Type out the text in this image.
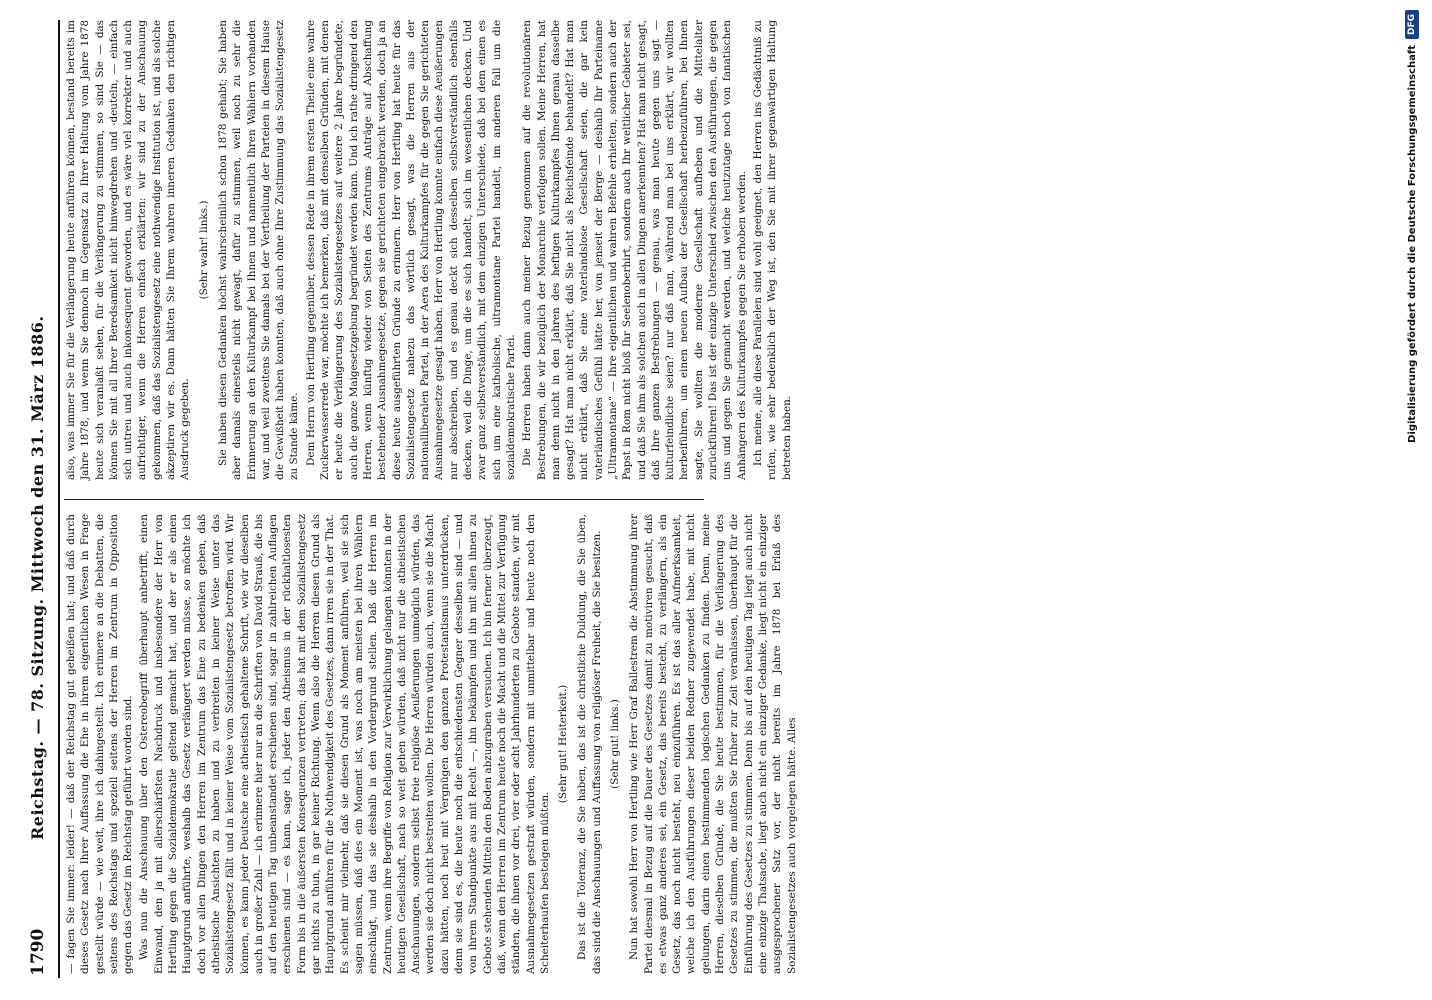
1790
Reichstag. — 78. Sitzung. Mittwoch den 31. März 1886. — fagen Sie immer: leider! — daß der Reichstag gut geheißen hat; und daß durch dieses Gesetz nach Ihrer Auffassung die Ehe in ihrem eigentlichen Wesen in Frage gestellt würde — wie weit, ihre ich dahingestellt. Ich erinnere an die Debatten, die seitens des Reichstags und speziell seitens der Herren im Zentrum in Opposition gegen das Gesetz im Reichstag geführt worden sind. Was nun die Anschauung über den Ostereobegriff überhaupt anbetrifft, einen Einwand, den ja mit allerschärfsten Nachdruck und insbesondere der Herr von Hertling gegen die Sozialdemokratie geltend gemacht hat, und der er als einen Hauptgrund anführte, weshalb das Gesetz verlängert werden müsse, so möchte ich doch vor allen Dingen den Herren im Zentrum das Eine zu bedenken geben, daß atheistische Ansichten zu haben und zu verbreiten in keiner Weise unter das Sozialistengesetz fällt und in keiner Weise vom Sozialistengesetz betroffen wird. Wir können, es kann jeder Deutsche eine atheistisch gehaltene Schrift, wie wir dieselben auch in großer Zahl — ich erinnere hier nur an die Schriften von David Strauß, die bis auf den heutigen Tag unbeanstandet erschienen sind, sogar in zahlreichen Auflagen erschienen sind — es kann, sage ich, jeder den Atheismus in der rückhaltlosesten Form bis in die äußersten Konsequenzen vertreten; das hat mit dem Sozialistengesetz gar nichts zu thun, in gar keiner Richtung. Wenn also die Herren diesen Grund als Hauptgrund anführen für die Nothwendigkeit des Gesetzes, dann irren sie in der That. Es scheint mir vielmehr, daß sie diesen Grund als Moment anführen, weil sie sich sagen müssen, daß dies ein Moment ist, was noch am meisten bei ihren Wählern einschlägt, und das sie deshalb in den Vordergrund stellen. Daß die Herren im Zentrum, wenn ihre Begriffe von Religion zur Verwirklichung gelangen könnten in der heutigen Gesellschaft, nach so weit gehen würden, daß nicht nur die atheistischen Anschauungen, sondern selbst freie religiöse Aeußerungen unmöglich würden, das werden sie doch nicht bestreiten wollen. Die Herren würden auch, wenn sie die Macht dazu hätten, noch heut mit Vergnügen den ganzen Protestantismus unterdrücken, denn sie sind es, die heute noch die entschiedensten Gegner desselben sind — und von ihrem Standpunkte aus mit Recht —, ihn bekämpfen und ihn mit allen ihnen zu Gebote stehenden Mitteln den Boden abzugraben versuchen. Ich bin ferner überzeugt, daß, wenn den Herren im Zentrum heute noch die Macht und die Mittel zur Verfügung ständen, die ihnen vor drei, vier oder acht Jahrhunderten zu Gebote standen, wir mit Ausnahmegesetzen gestraft würden, sondern mit unmittelbar und heute noch den Scheiterhaufen besteigen müßten.

(Sehr gut! Heiterkeit.) Das ist die Toleranz, die Sie haben, das ist die christliche Duldung, die Sie üben, das sind die Anschauungen und Auffassung von religiöser Freiheit, die Sie besitzen. (Sehr gut! links.) Nun hat sowohl Herr von Hertling wie Herr Graf Ballestrem die Abstimmung ihrer Partei diesmal in Bezug auf die Dauer des Gesetzes damit zu motiviren gesucht, daß es etwas ganz anderes sei, ein Gesetz, das bereits besteht, zu verlängern, als ein Gesetz, das noch nicht besteht, neu einzuführen. Es ist das aller Aufmerksamkeit, welche ich den Ausführungen dieser beiden Redner zugewendet habe, mit nicht gelungen, darin einen bestimmenden logischen Gedanken zu finden. Denn, meine Herren, dieselben Gründe, die Sie heute bestimmen, für die Verlängerung des Gesetzes zu stimmen, die mußten Sie früher zur Zeit veranlassen, überhaupt für die Einführung des Gesetzes zu stimmen. Denn bis auf den heutigen Tag liegt auch nicht eine einzige Thatsache, liegt auch nicht ein einziger Gedanke, liegt nicht ein einziger ausgesprochener Satz vor, der nicht bereits im Jahre 1878 bei Erlaß des Sozialistengesetzes auch vorgelegen hätte. Alles

also, was immer Sie für die Verlängerung heute anführen können, bestand bereits im Jahre 1878, und wenn Sie dennoch im Gegensatz zu Ihrer Haltung vom Jahre 1878 heute sich veranlaßt sehen, für die Verlängerung zu stimmen, so sind Sie — das können Sie mit all Ihrer Beredsamkeit nicht hinwegdrehen und -deuteln, — einfach sich untreu und auch inkonsequent geworden, und es wäre viel korrekter und auch aufrichtiger, wenn die Herren einfach erklärten: wir sind zu der Anschauung gekommen, daß das Sozialistengesetz eine nothwendige Institution ist, und als solche akzeptiren wir es. Dann hätten Sie Ihrem wahren inneren Gedanken den richtigen Ausdruck gegeben.

(Sehr wahr! links.) Sie haben diesen Gedanken höchst wahrscheinlich schon 1878 gehabt; Sie haben aber damals einesteils nicht gewagt, dafür zu stimmen, weil noch zu sehr die Erinnerung an den Kulturkampf bei Ihnen und namentlich Ihren Wählern vorhanden war, und weil zweitens Sie damals bei der Vertheilung der Parteien in diesem Hause die Gewißheit haben konnten, daß auch ohne Ihre Zustimmung das Sozialistengesetz zu Stande käme. Dem Herrn von Hertling gegenüber, dessen Rede in ihrem ersten Theile eine wahre Zuckerwasserrede war, möchte ich bemerken, daß mit denselben Gründen, mit denen er heute die Verlängerung des Sozialistengesetzes auf weitere 2 Jahre begründete, auch die ganze Maigesetzgebung begründet werden kann. Und ich rathe dringend den Herren, wenn künftig wieder von Seiten des Zentrums Anträge auf Abschaffung bestehender Ausnahmegesetze, gegen sie gerichteten eingebracht werden, doch ja an diese heute ausgeführten Gründe zu erinnern. Herr von Hertling hat heute für das Sozialistengesetz nahezu das wörtlich gesagt, was die Herren aus der nationalliberalen Partei, in der Aera des Kulturkampfes für die gegen Sie gerichteten Ausnahmegesetze gesagt haben. Herr von Hertling konnte einfach diese Aeußerungen nur abschreiben, und es genau deckt sich desselben selbstverständlich ebenfalls decken, weil die Dinge, um die es sich handelt, sich im wesentlichen decken. Und zwar ganz selbstverständlich, mit dem einzigen Unterschiede, daß bei dem einen es sich um eine katholische, ultramontane Partei handelt, im anderen Fall um die sozialdemokratische Partei. Die Herren haben dann auch meiner Bezug genommen auf die revolutionären Bestrebungen, die wir bezüglich der Monarchie verfolgen sollen. Meine Herren, hat man denn nicht in den Jahren des heftigen Kulturkampfes Ihnen genau dasselbe gesagt? Hat man nicht erklärt, daß Sie nicht als Reichsfeinde behandelt? Hat man nicht erklärt, daß Sie eine vaterlandslose Gesellschaft seien, die gar kein vaterländisches Gefühl hätte her, von jenseit der Berge — deshalb Ihr Parteiname „Ultramontane“ — Ihre eigentlichen und wahren Befehle erhielten, sondern auch der Papst in Rom nicht bloß Ihr Seelenoberhirt, sondern auch Ihr weltlicher Gebieter sei, und daß Sie ihm als solchen auch in allen Dingen anerkennten? Hat man nicht gesagt, daß Ihre ganzen Bestrebungen — genau, was man heute gegen uns sagt — kulturfeindliche seien? nur daß man, während man bei uns erklärt, wir wollten herbeiführen, um einen neuen Aufbau der Gesellschaft herbeizuführen, bei Ihnen sagte, Sie wollten die moderne Gesellschaft aufheben und die Mittelalter zurückführen! Das ist der einzige Unterschied zwischen den Ausführungen, die gegen uns und gegen Sie gemacht werden, und welche heutzutage noch von fanatischen Anhängern des Kulturkampfes gegen Sie erhoben werden. Ich meine, alle diese Parallelen sind wohl geeignet, den Herren ins Gedächtniß zu rufen, wie sehr bedenklich der Weg ist, den Sie mit ihrer gegenwärtigen Haltung betreten haben.	Digitalisierung gefördert durch die Deutsche Forschungsgemeinschaft
DFG
